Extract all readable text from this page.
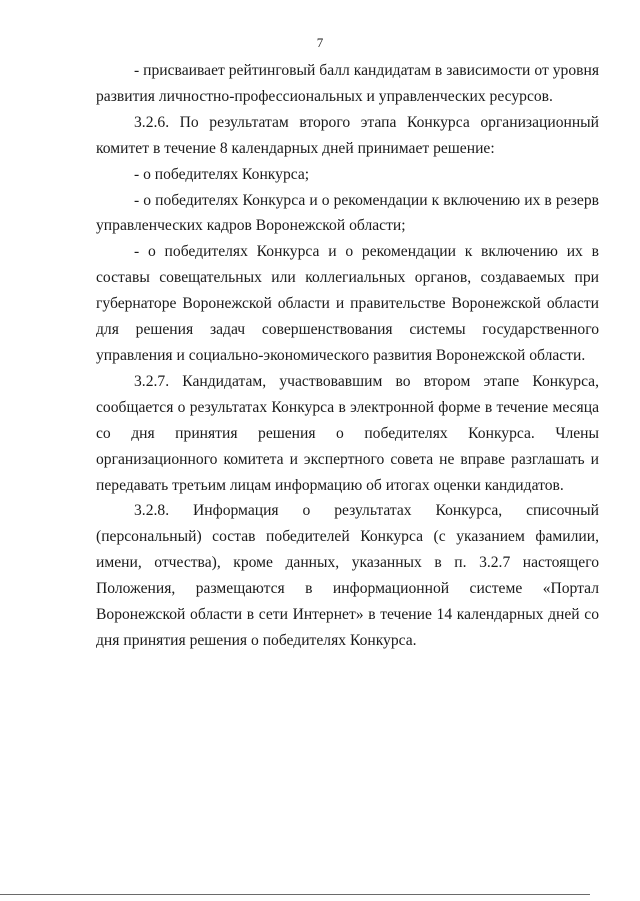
7

- присваивает рейтинговый балл кандидатам в зависимости от уровня развития личностно-профессиональных и управленческих ресурсов.

3.2.6. По результатам второго этапа Конкурса организационный комитет в течение 8 календарных дней принимает решение:

- о победителях Конкурса;

- о победителях Конкурса и о рекомендации к включению их в резерв управленческих кадров Воронежской области;

- о победителях Конкурса и о рекомендации к включению их в составы совещательных или коллегиальных органов, создаваемых при губернаторе Воронежской области и правительстве Воронежской области для решения задач совершенствования системы государственного управления и социально-экономического развития Воронежской области.

3.2.7. Кандидатам, участвовавшим во втором этапе Конкурса, сообщается о результатах Конкурса в электронной форме в течение месяца со дня принятия решения о победителях Конкурса. Члены организационного комитета и экспертного совета не вправе разглашать и передавать третьим лицам информацию об итогах оценки кандидатов.

3.2.8. Информация о результатах Конкурса, списочный (персональный) состав победителей Конкурса (с указанием фамилии, имени, отчества), кроме данных, указанных в п. 3.2.7 настоящего Положения, размещаются в информационной системе «Портал Воронежской области в сети Интернет» в течение 14 календарных дней со дня принятия решения о победителях Конкурса.
